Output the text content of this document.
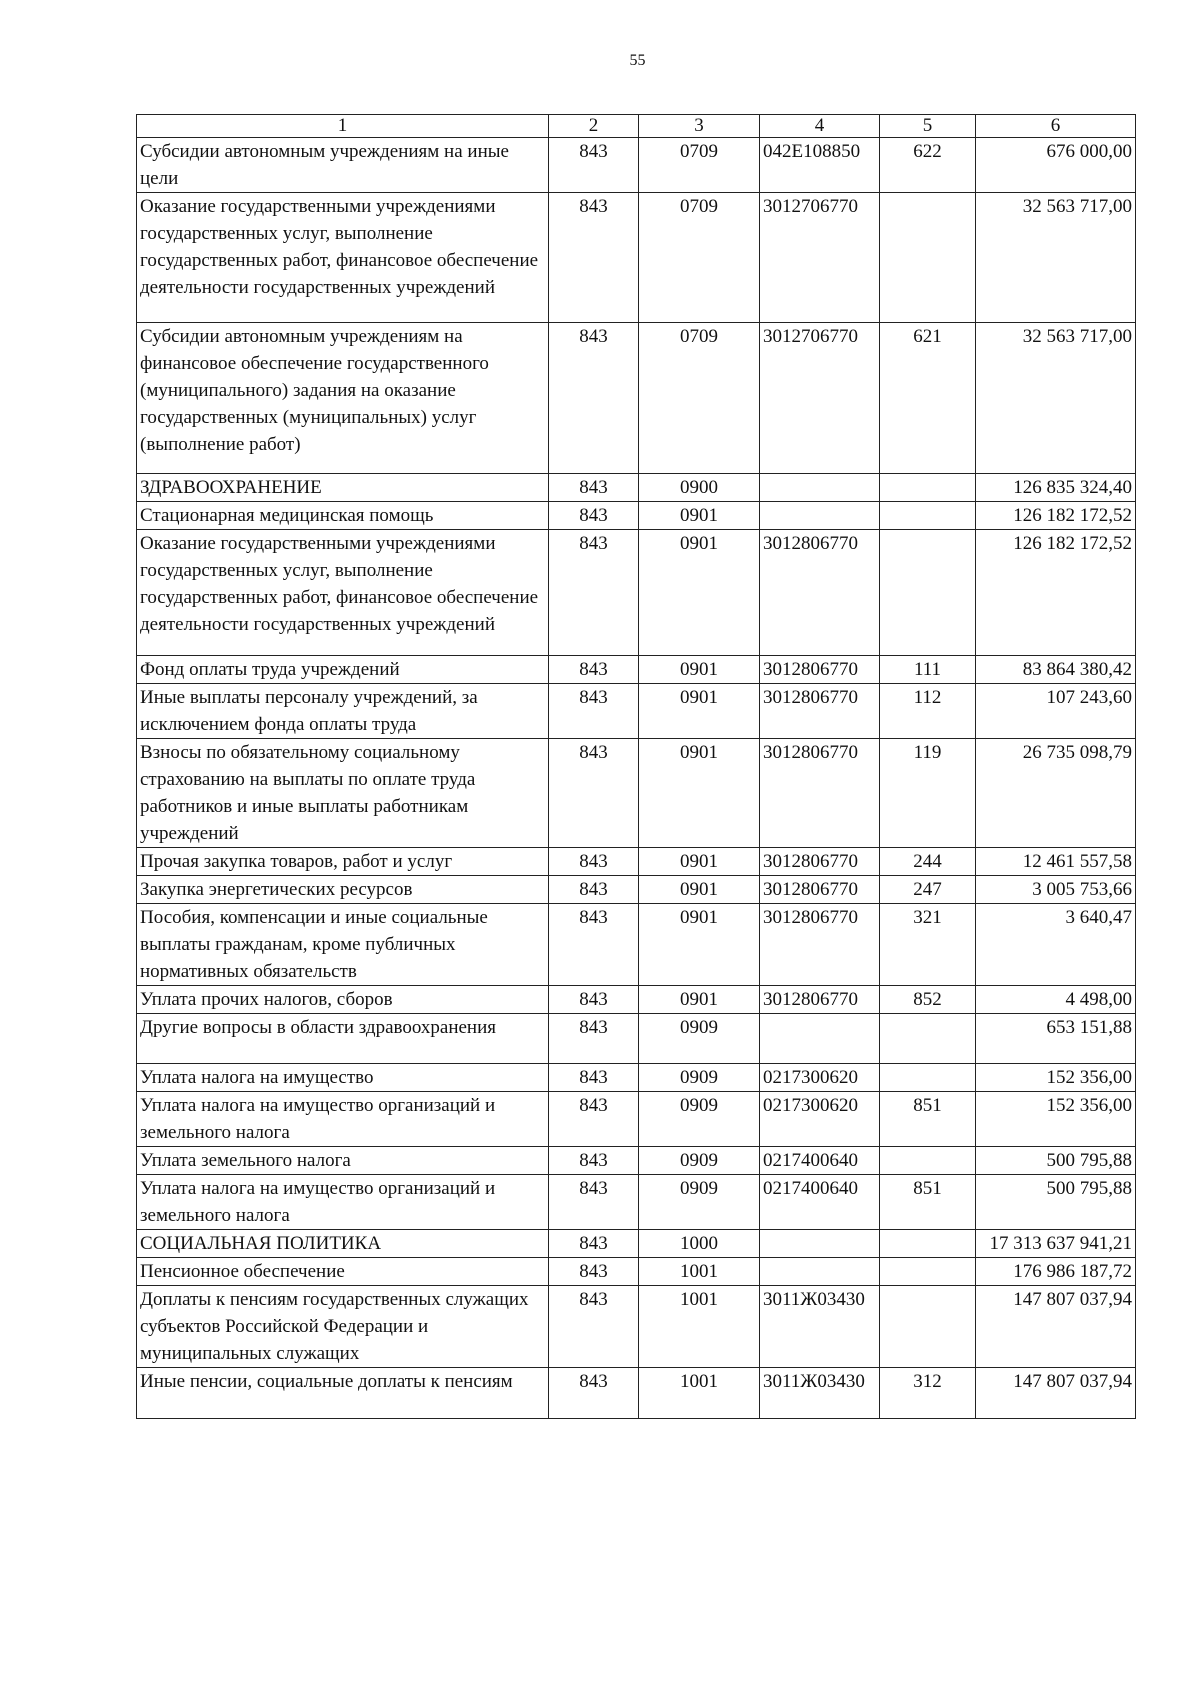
55
1	2	3	4	5	6
Субсидии автономным учреждениям на иные цели	843	0709	042Е108850	622	676 000,00
Оказание государственными учреждениями государственных услуг, выполнение государственных работ, финансовое обеспечение деятельности государственных учреждений	843	0709	3012706770		32 563 717,00
Субсидии автономным учреждениям на финансовое обеспечение государственного (муниципального) задания на оказание государственных (муниципальных) услуг (выполнение работ)	843	0709	3012706770	621	32 563 717,00
ЗДРАВООХРАНЕНИЕ	843	0900			126 835 324,40
Стационарная медицинская помощь	843	0901			126 182 172,52
Оказание государственными учреждениями государственных услуг, выполнение государственных работ, финансовое обеспечение деятельности государственных учреждений	843	0901	3012806770		126 182 172,52
Фонд оплаты труда учреждений	843	0901	3012806770	111	83 864 380,42
Иные выплаты персоналу учреждений, за исключением фонда оплаты труда	843	0901	3012806770	112	107 243,60
Взносы по обязательному социальному страхованию на выплаты по оплате труда работников и иные выплаты работникам учреждений	843	0901	3012806770	119	26 735 098,79
Прочая закупка товаров, работ и услуг	843	0901	3012806770	244	12 461 557,58
Закупка энергетических ресурсов	843	0901	3012806770	247	3 005 753,66
Пособия, компенсации и иные социальные выплаты гражданам, кроме публичных нормативных обязательств	843	0901	3012806770	321	3 640,47
Уплата прочих налогов, сборов	843	0901	3012806770	852	4 498,00
Другие вопросы в области здравоохранения	843	0909			653 151,88
Уплата налога на имущество	843	0909	0217300620		152 356,00
Уплата налога на имущество организаций и земельного налога	843	0909	0217300620	851	152 356,00
Уплата земельного налога	843	0909	0217400640		500 795,88
Уплата налога на имущество организаций и земельного налога	843	0909	0217400640	851	500 795,88
СОЦИАЛЬНАЯ ПОЛИТИКА	843	1000			17 313 637 941,21
Пенсионное обеспечение	843	1001			176 986 187,72
Доплаты к пенсиям государственных служащих субъектов Российской Федерации и муниципальных служащих	843	1001	3011Ж03430		147 807 037,94
Иные пенсии, социальные доплаты к пенсиям	843	1001	3011Ж03430	312	147 807 037,94
